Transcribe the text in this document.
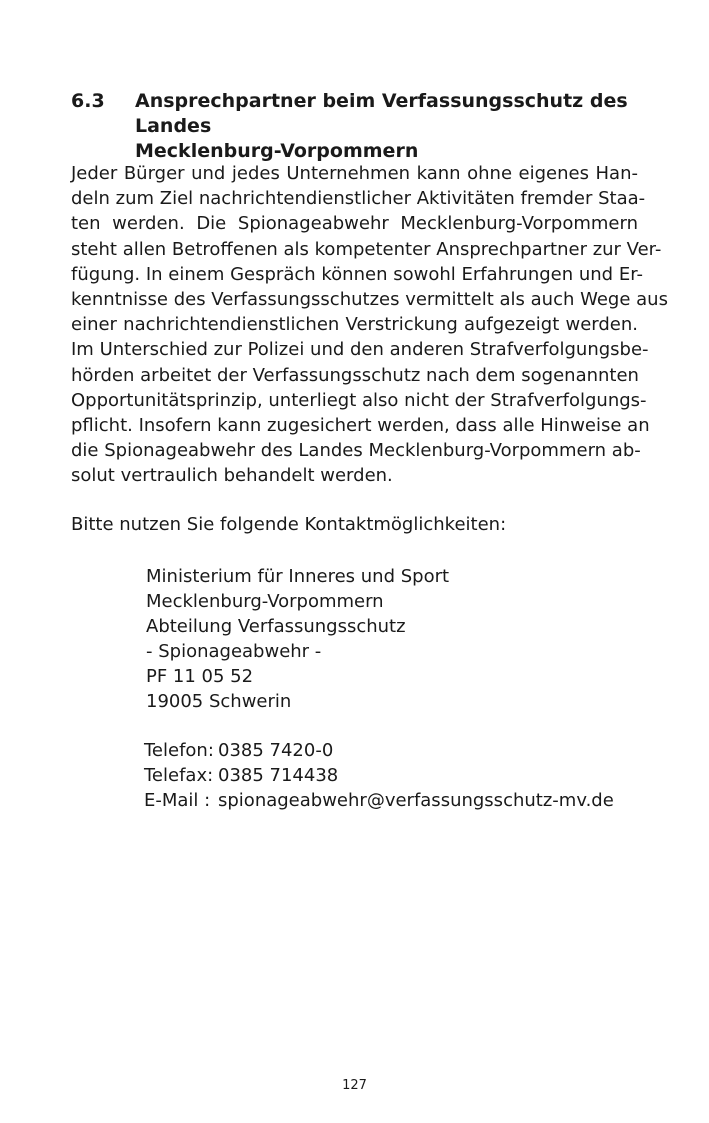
6.3 Ansprechpartner beim Verfassungsschutz des Landes
Mecklenburg-Vorpommern
Jeder Bürger und jedes Unternehmen kann ohne eigenes Han-
deln zum Ziel nachrichtendienstlicher Aktivitäten fremder Staa-
ten werden. Die Spionageabwehr Mecklenburg-Vorpommern
steht allen Betroffenen als kompetenter Ansprechpartner zur Ver-
fügung. In einem Gespräch können sowohl Erfahrungen und Er-
kenntnisse des Verfassungsschutzes vermittelt als auch Wege aus
einer nachrichtendienstlichen Verstrickung aufgezeigt werden.
Im Unterschied zur Polizei und den anderen Strafverfolgungsbe-
hörden arbeitet der Verfassungsschutz nach dem sogenannten
Opportunitätsprinzip, unterliegt also nicht der Strafverfolgungs-
pflicht. Insofern kann zugesichert werden, dass alle Hinweise an
die Spionageabwehr des Landes Mecklenburg-Vorpommern ab-
solut vertraulich behandelt werden.
Bitte nutzen Sie folgende Kontaktmöglichkeiten:
Ministerium für Inneres und Sport
Mecklenburg-Vorpommern
Abteilung Verfassungsschutz
- Spionageabwehr -
PF 11 05 52
19005 Schwerin
Telefon: 0385 7420-0
Telefax: 0385 714438
E-Mail : spionageabwehr@verfassungsschutz-mv.de
127
